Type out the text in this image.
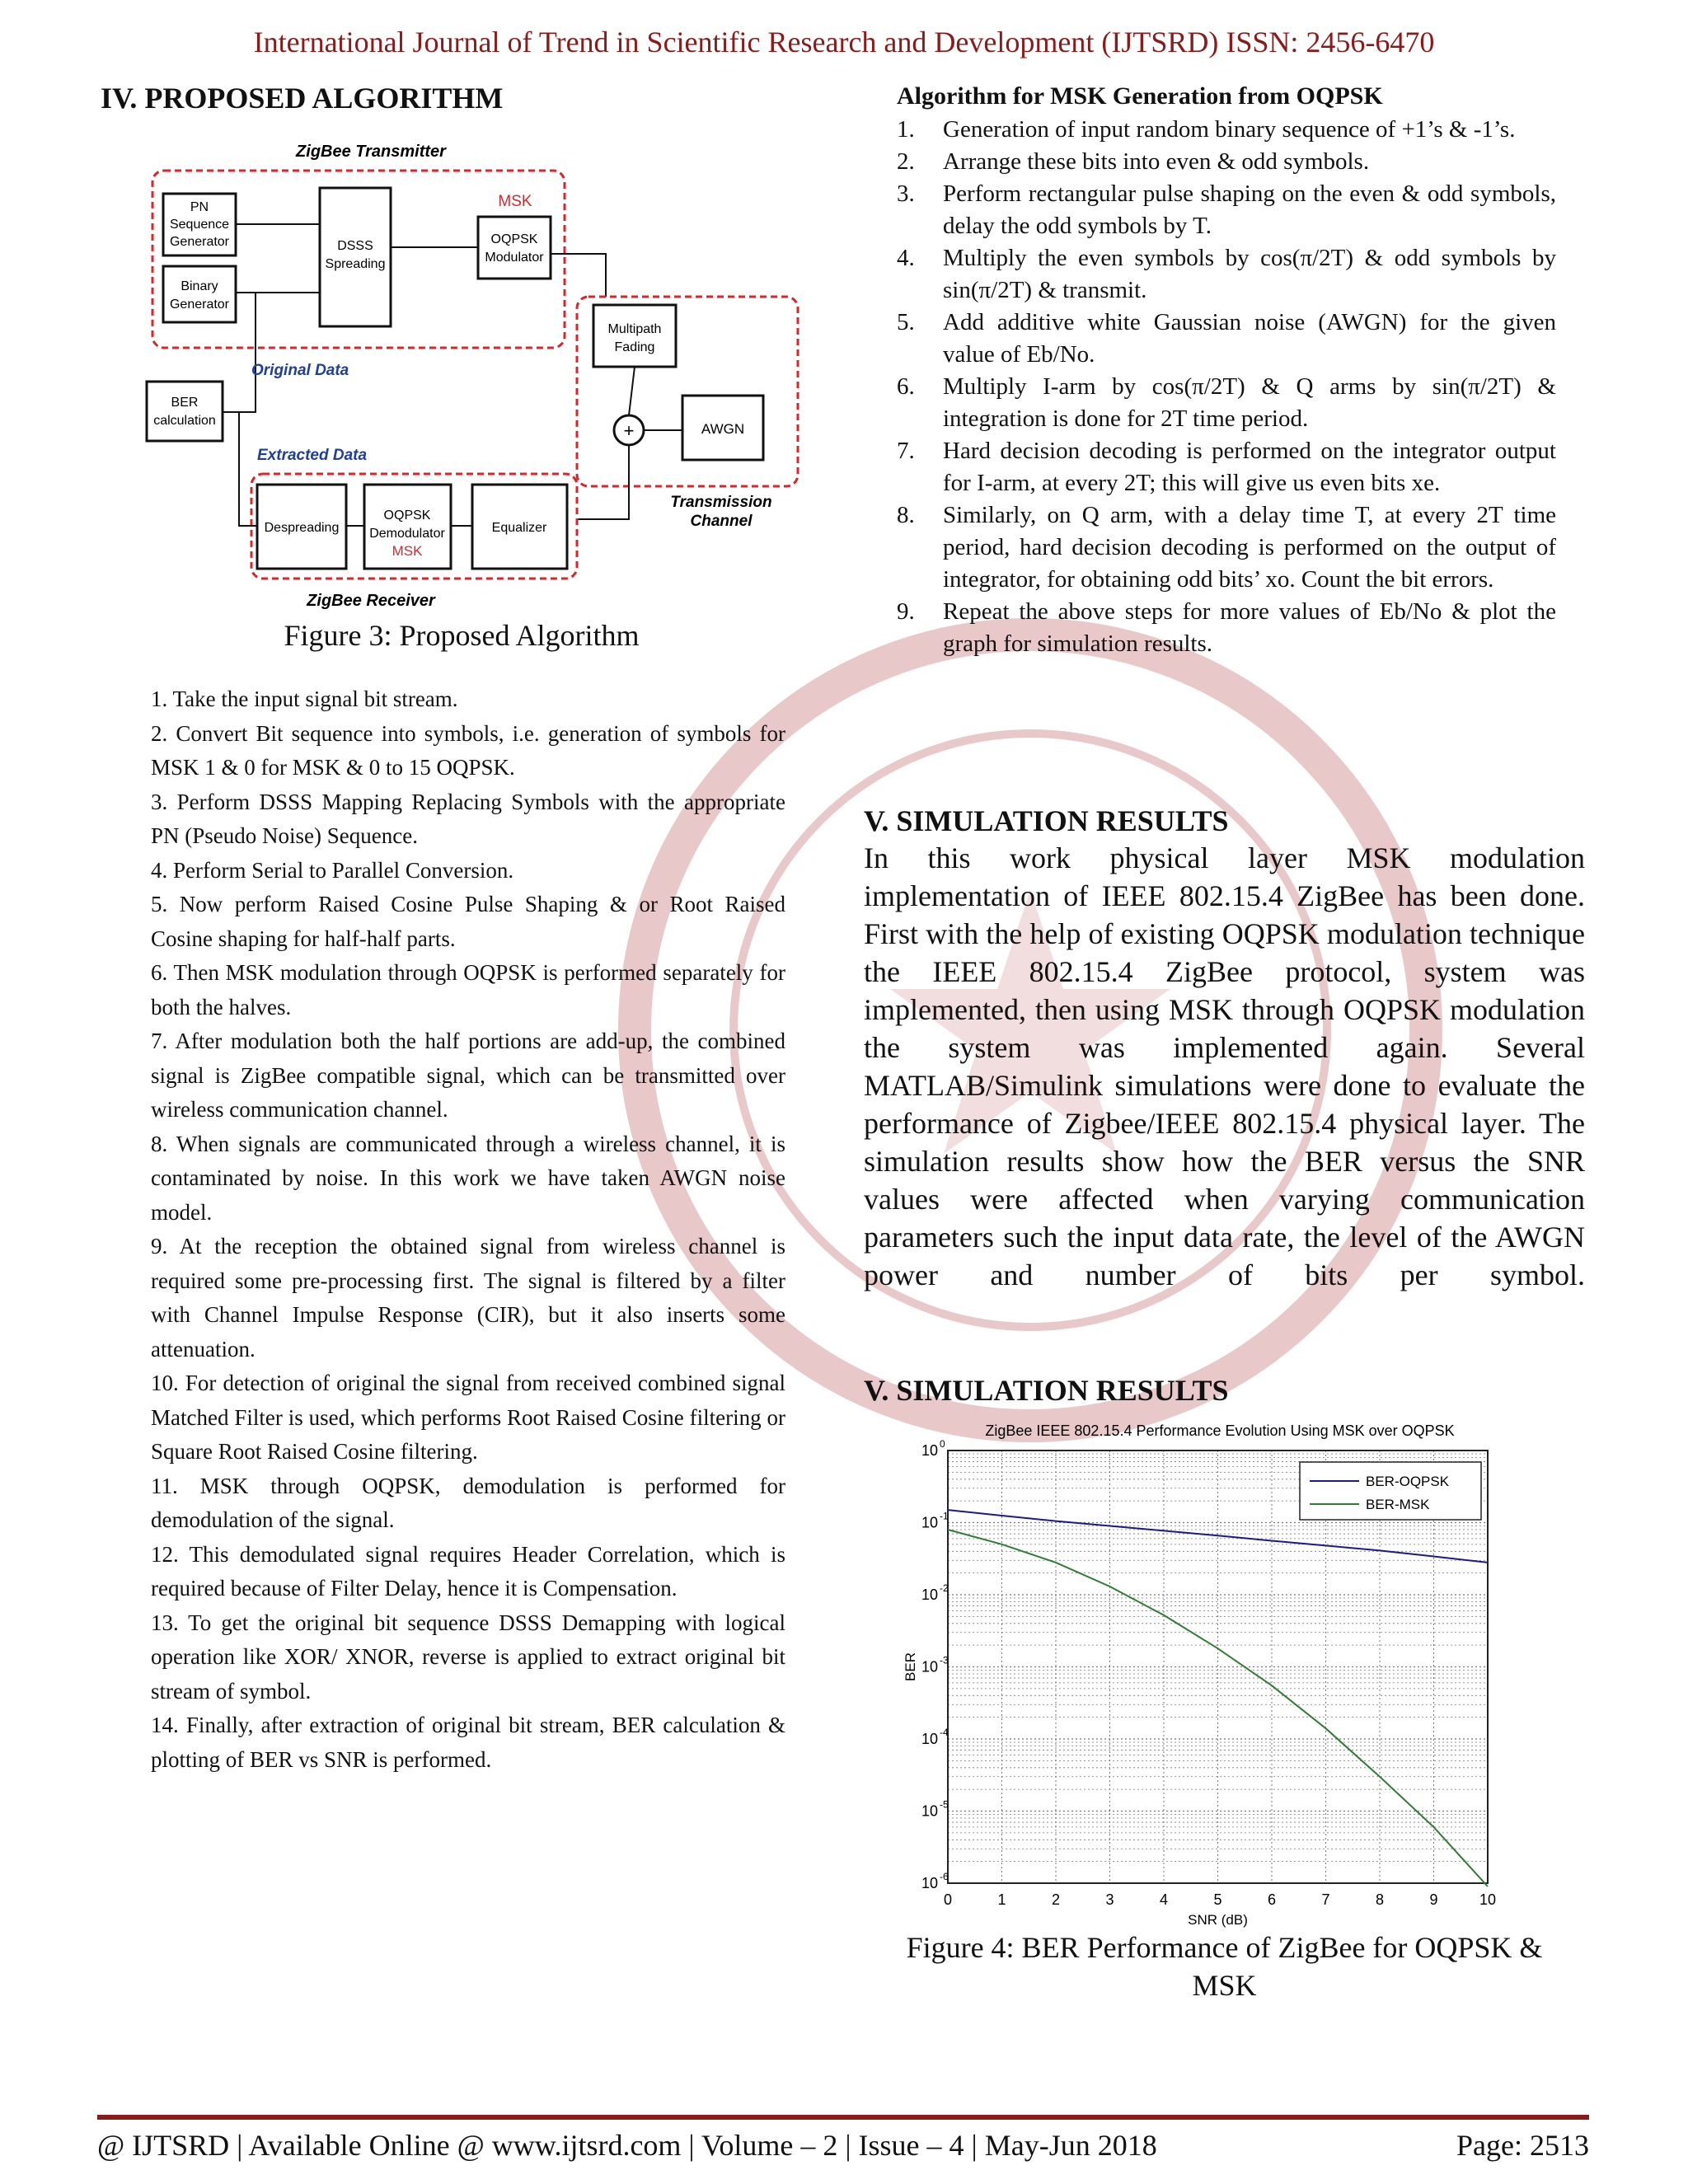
International Journal of Trend in Scientific Research and Development (IJTSRD) ISSN: 2456-6470
IV. PROPOSED ALGORITHM
ZigBee Transmitter
MSK
PN
Sequence
Generator
Binary
Generator
DSSS
Spreading
OQPSK
Modulator
Multipath
Fading
AWGN
+
Transmission
Channel
BER
calculation
Original Data
Extracted Data
Despreading
OQPSK
Demodulator
MSK
Equalizer
ZigBee Receiver
Figure 3: Proposed Algorithm
1. Take the input signal bit stream.
2. Convert Bit sequence into symbols, i.e. generation of symbols for MSK 1 & 0 for MSK & 0 to 15 OQPSK.
3. Perform DSSS Mapping Replacing Symbols with the appropriate PN (Pseudo Noise) Sequence.
4. Perform Serial to Parallel Conversion.
5. Now perform Raised Cosine Pulse Shaping & or Root Raised Cosine shaping for half-half parts.
6. Then MSK modulation through OQPSK is performed separately for both the halves.
7. After modulation both the half portions are add-up, the combined signal is ZigBee compatible signal, which can be transmitted over wireless communication channel.
8. When signals are communicated through a wireless channel, it is contaminated by noise. In this work we have taken AWGN noise model.
9. At the reception the obtained signal from wireless channel is required some pre-processing first. The signal is filtered by a filter with Channel Impulse Response (CIR), but it also inserts some attenuation.
10. For detection of original the signal from received combined signal Matched Filter is used, which performs Root Raised Cosine filtering or Square Root Raised Cosine filtering.
11. MSK through OQPSK, demodulation is performed for demodulation of the signal.
12. This demodulated signal requires Header Correlation, which is required because of Filter Delay, hence it is Compensation.
13. To get the original bit sequence DSSS Demapping with logical operation like XOR/ XNOR, reverse is applied to extract original bit stream of symbol.
14. Finally, after extraction of original bit stream, BER calculation & plotting of BER vs SNR is performed.
Algorithm for MSK Generation from OQPSK
1. Generation of input random binary sequence of +1’s & -1’s.
2. Arrange these bits into even & odd symbols.
3. Perform rectangular pulse shaping on the even & odd symbols, delay the odd symbols by T.
4. Multiply the even symbols by cos(π/2T) & odd symbols by sin(π/2T) & transmit.
5. Add additive white Gaussian noise (AWGN) for the given value of Eb/No.
6. Multiply I-arm by cos(π/2T) & Q arms by sin(π/2T) & integration is done for 2T time period.
7. Hard decision decoding is performed on the integrator output for I-arm, at every 2T; this will give us even bits xe.
8. Similarly, on Q arm, with a delay time T, at every 2T time period, hard decision decoding is performed on the output of integrator, for obtaining odd bits’ xo. Count the bit errors.
9. Repeat the above steps for more values of Eb/No & plot the graph for simulation results.
V. SIMULATION RESULTS
In this work physical layer MSK modulation implementation of IEEE 802.15.4 ZigBee has been done. First with the help of existing OQPSK modulation technique the IEEE 802.15.4 ZigBee protocol, system was implemented, then using MSK through OQPSK modulation the system was implemented again. Several MATLAB/Simulink simulations were done to evaluate the performance of Zigbee/IEEE 802.15.4 physical layer. The simulation results show how the BER versus the SNR values were affected when varying communication parameters such the input data rate, the level of the AWGN power and number of bits per symbol.
V. SIMULATION RESULTS
ZigBee IEEE 802.15.4 Performance Evolution Using MSK over OQPSK
0	1	2	3	4	5	6	7	8	9	10
10 0
10 -1
10 -2
10 -3
10 -4
10 -5
10 -6
SNR (dB)
BER
BER-OQPSK
BER-MSK
Figure 4: BER Performance of ZigBee for OQPSK &
MSK
@ IJTSRD | Available Online @ www.ijtsrd.com | Volume – 2 | Issue – 4 | May-Jun 2018	Page: 2513
